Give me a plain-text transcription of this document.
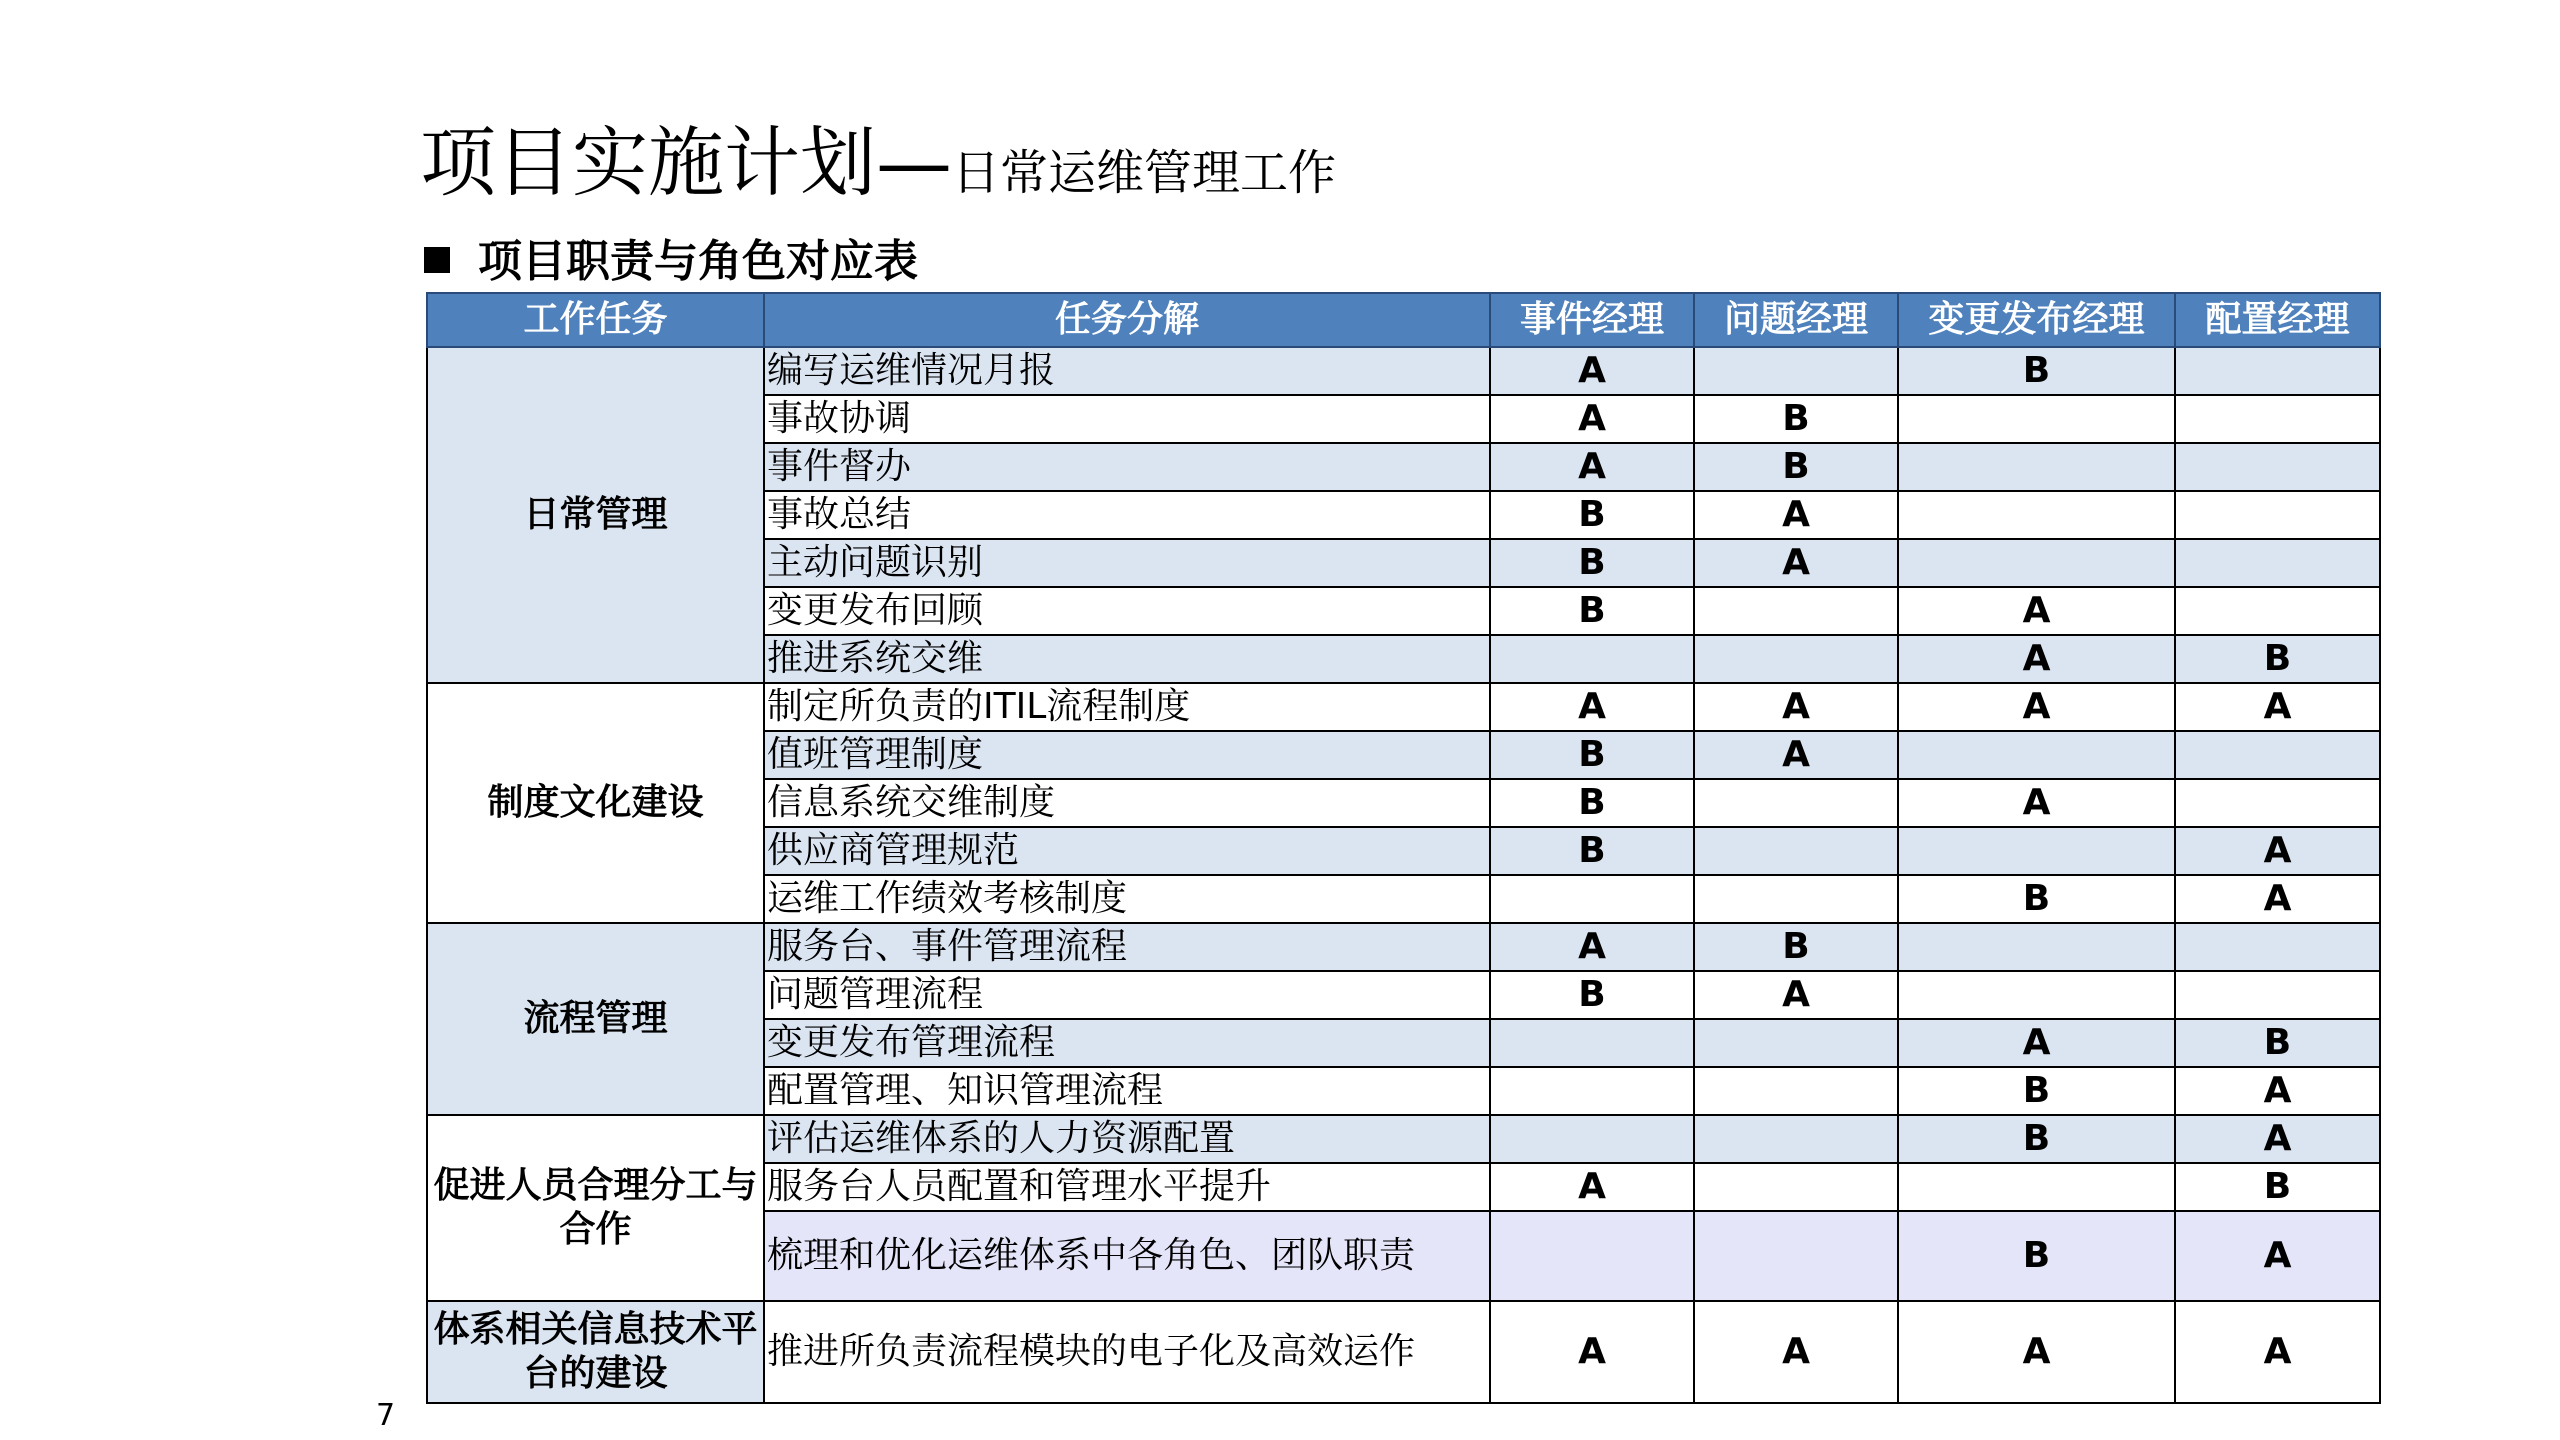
项目实施计划—日常运维管理工作
项目职责与角色对应表
工作任务	任务分解	事件经理	问题经理	变更发布经理	配置经理
日常管理	编写运维情况月报	A		B	
	事故协调	A	B		
	事件督办	A	B		
	事故总结	B	A		
	主动问题识别	B	A		
	变更发布回顾	B		A	
	推进系统交维			A	B
制度文化建设	制定所负责的ITIL流程制度	A	A	A	A
	值班管理制度	B	A		
	信息系统交维制度	B		A	
	供应商管理规范	B			A
	运维工作绩效考核制度			B	A
流程管理	服务台、事件管理流程	A	B		
	问题管理流程	B	A		
	变更发布管理流程			A	B
	配置管理、知识管理流程			B	A
促进人员合理分工与合作	评估运维体系的人力资源配置			B	A
	服务台人员配置和管理水平提升	A			B
	梳理和优化运维体系中各角色、团队职责			B	A
体系相关信息技术平台的建设	推进所负责流程模块的电子化及高效运作	A	A	A	A
7
